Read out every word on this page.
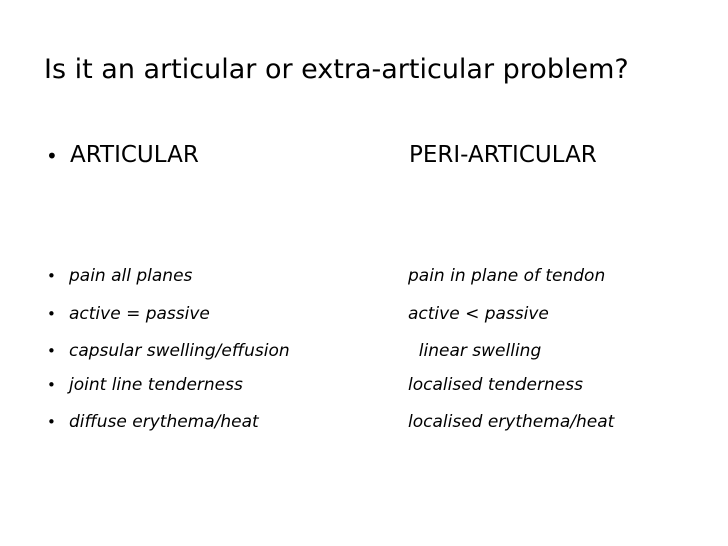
Is it an articular or extra-articular problem?
• ARTICULAR	PERI-ARTICULAR
• pain all planes	pain in plane of tendon
• active = passive	active < passive
• capsular swelling/effusion	linear swelling
• joint line tenderness	localised tenderness
• diffuse erythema/heat	localised erythema/heat
